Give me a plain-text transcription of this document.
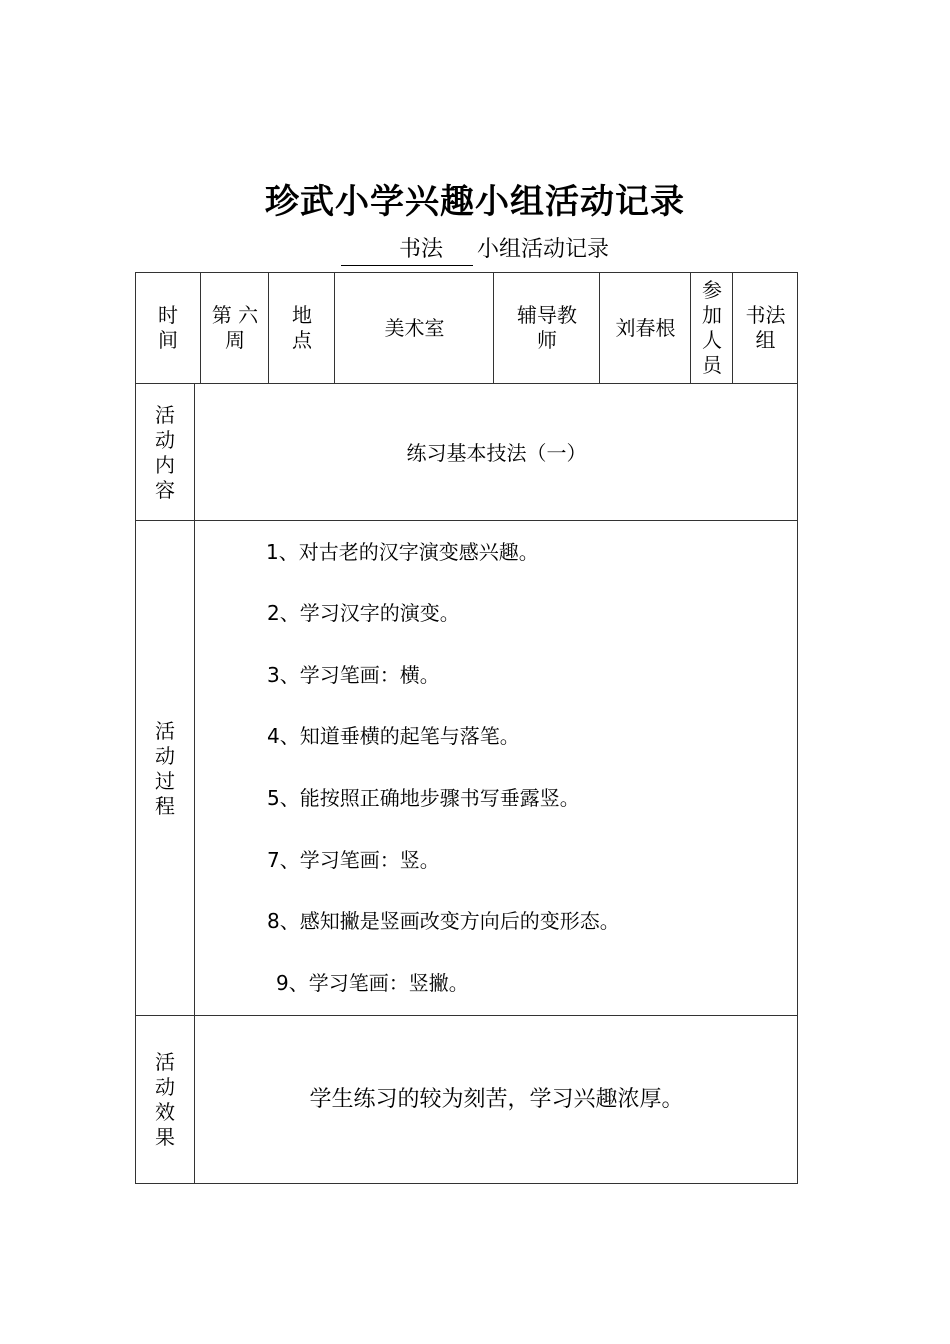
珍武小学兴趣小组活动记录
书法 小组活动记录
时间
第 六 周
地点	美术室
辅导教师	刘春根
参加人员
书法组
活动内容
练习基本技法（一）
活动过程
1、对古老的汉字演变感兴趣。
2、学习汉字的演变。
3、学习笔画：横。
4、知道垂横的起笔与落笔。
5、能按照正确地步骤书写垂露竖。
7、学习笔画：竖。
8、感知撇是竖画改变方向后的变形态。
9、学习笔画：竖撇。
活动效果
学生练习的较为刻苦，学习兴趣浓厚。
